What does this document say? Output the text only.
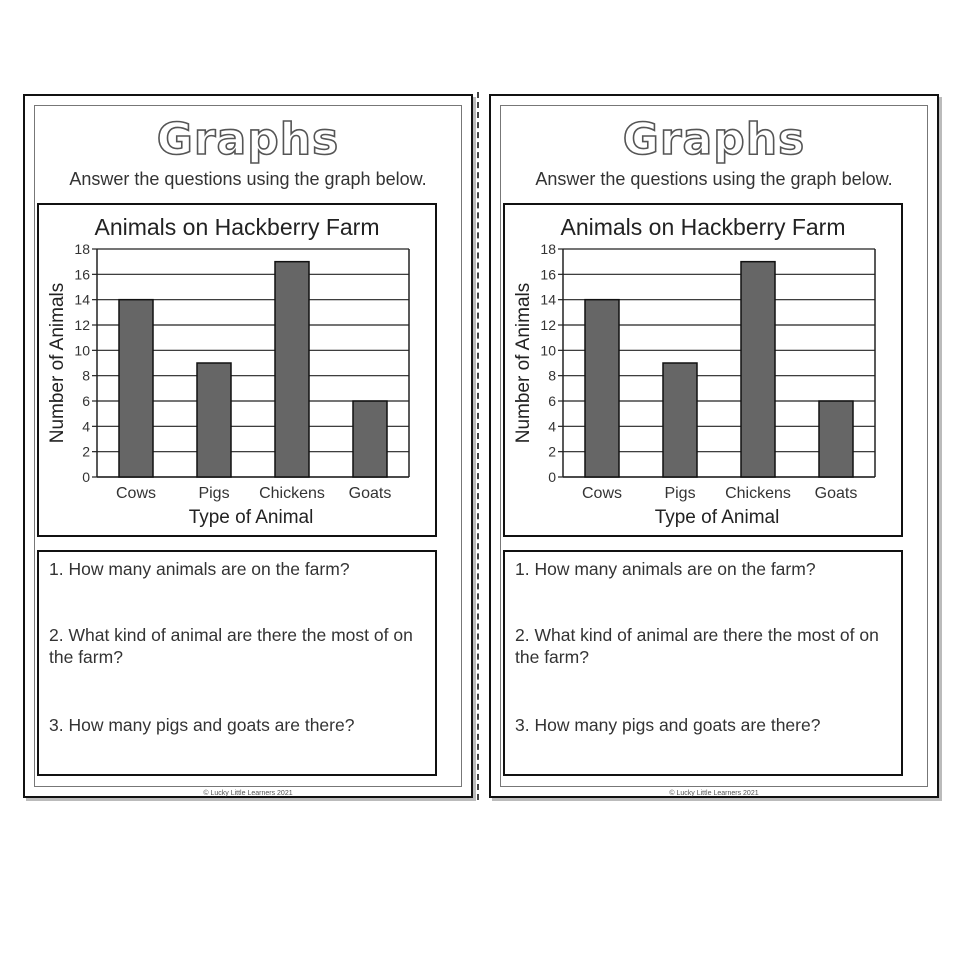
Graphs
Answer the questions using the graph below.
Animals on Hackberry Farm
0
2
4
6
8
10
12
14
16
18
Cows	Pigs Chickens Goats
Type of Animal
Number of Animals
1. How many animals are on the farm?
2. What kind of animal are there the most of on the farm?
3. How many pigs and goats are there?
© Lucky Little Learners 2021
Graphs
Answer the questions using the graph below.
Animals on Hackberry Farm
0
2
4
6
8
10
12
14
16
18
Cows	Pigs Chickens Goats
Type of Animal
Number of Animals
1. How many animals are on the farm?
2. What kind of animal are there the most of on the farm?
3. How many pigs and goats are there?
© Lucky Little Learners 2021
